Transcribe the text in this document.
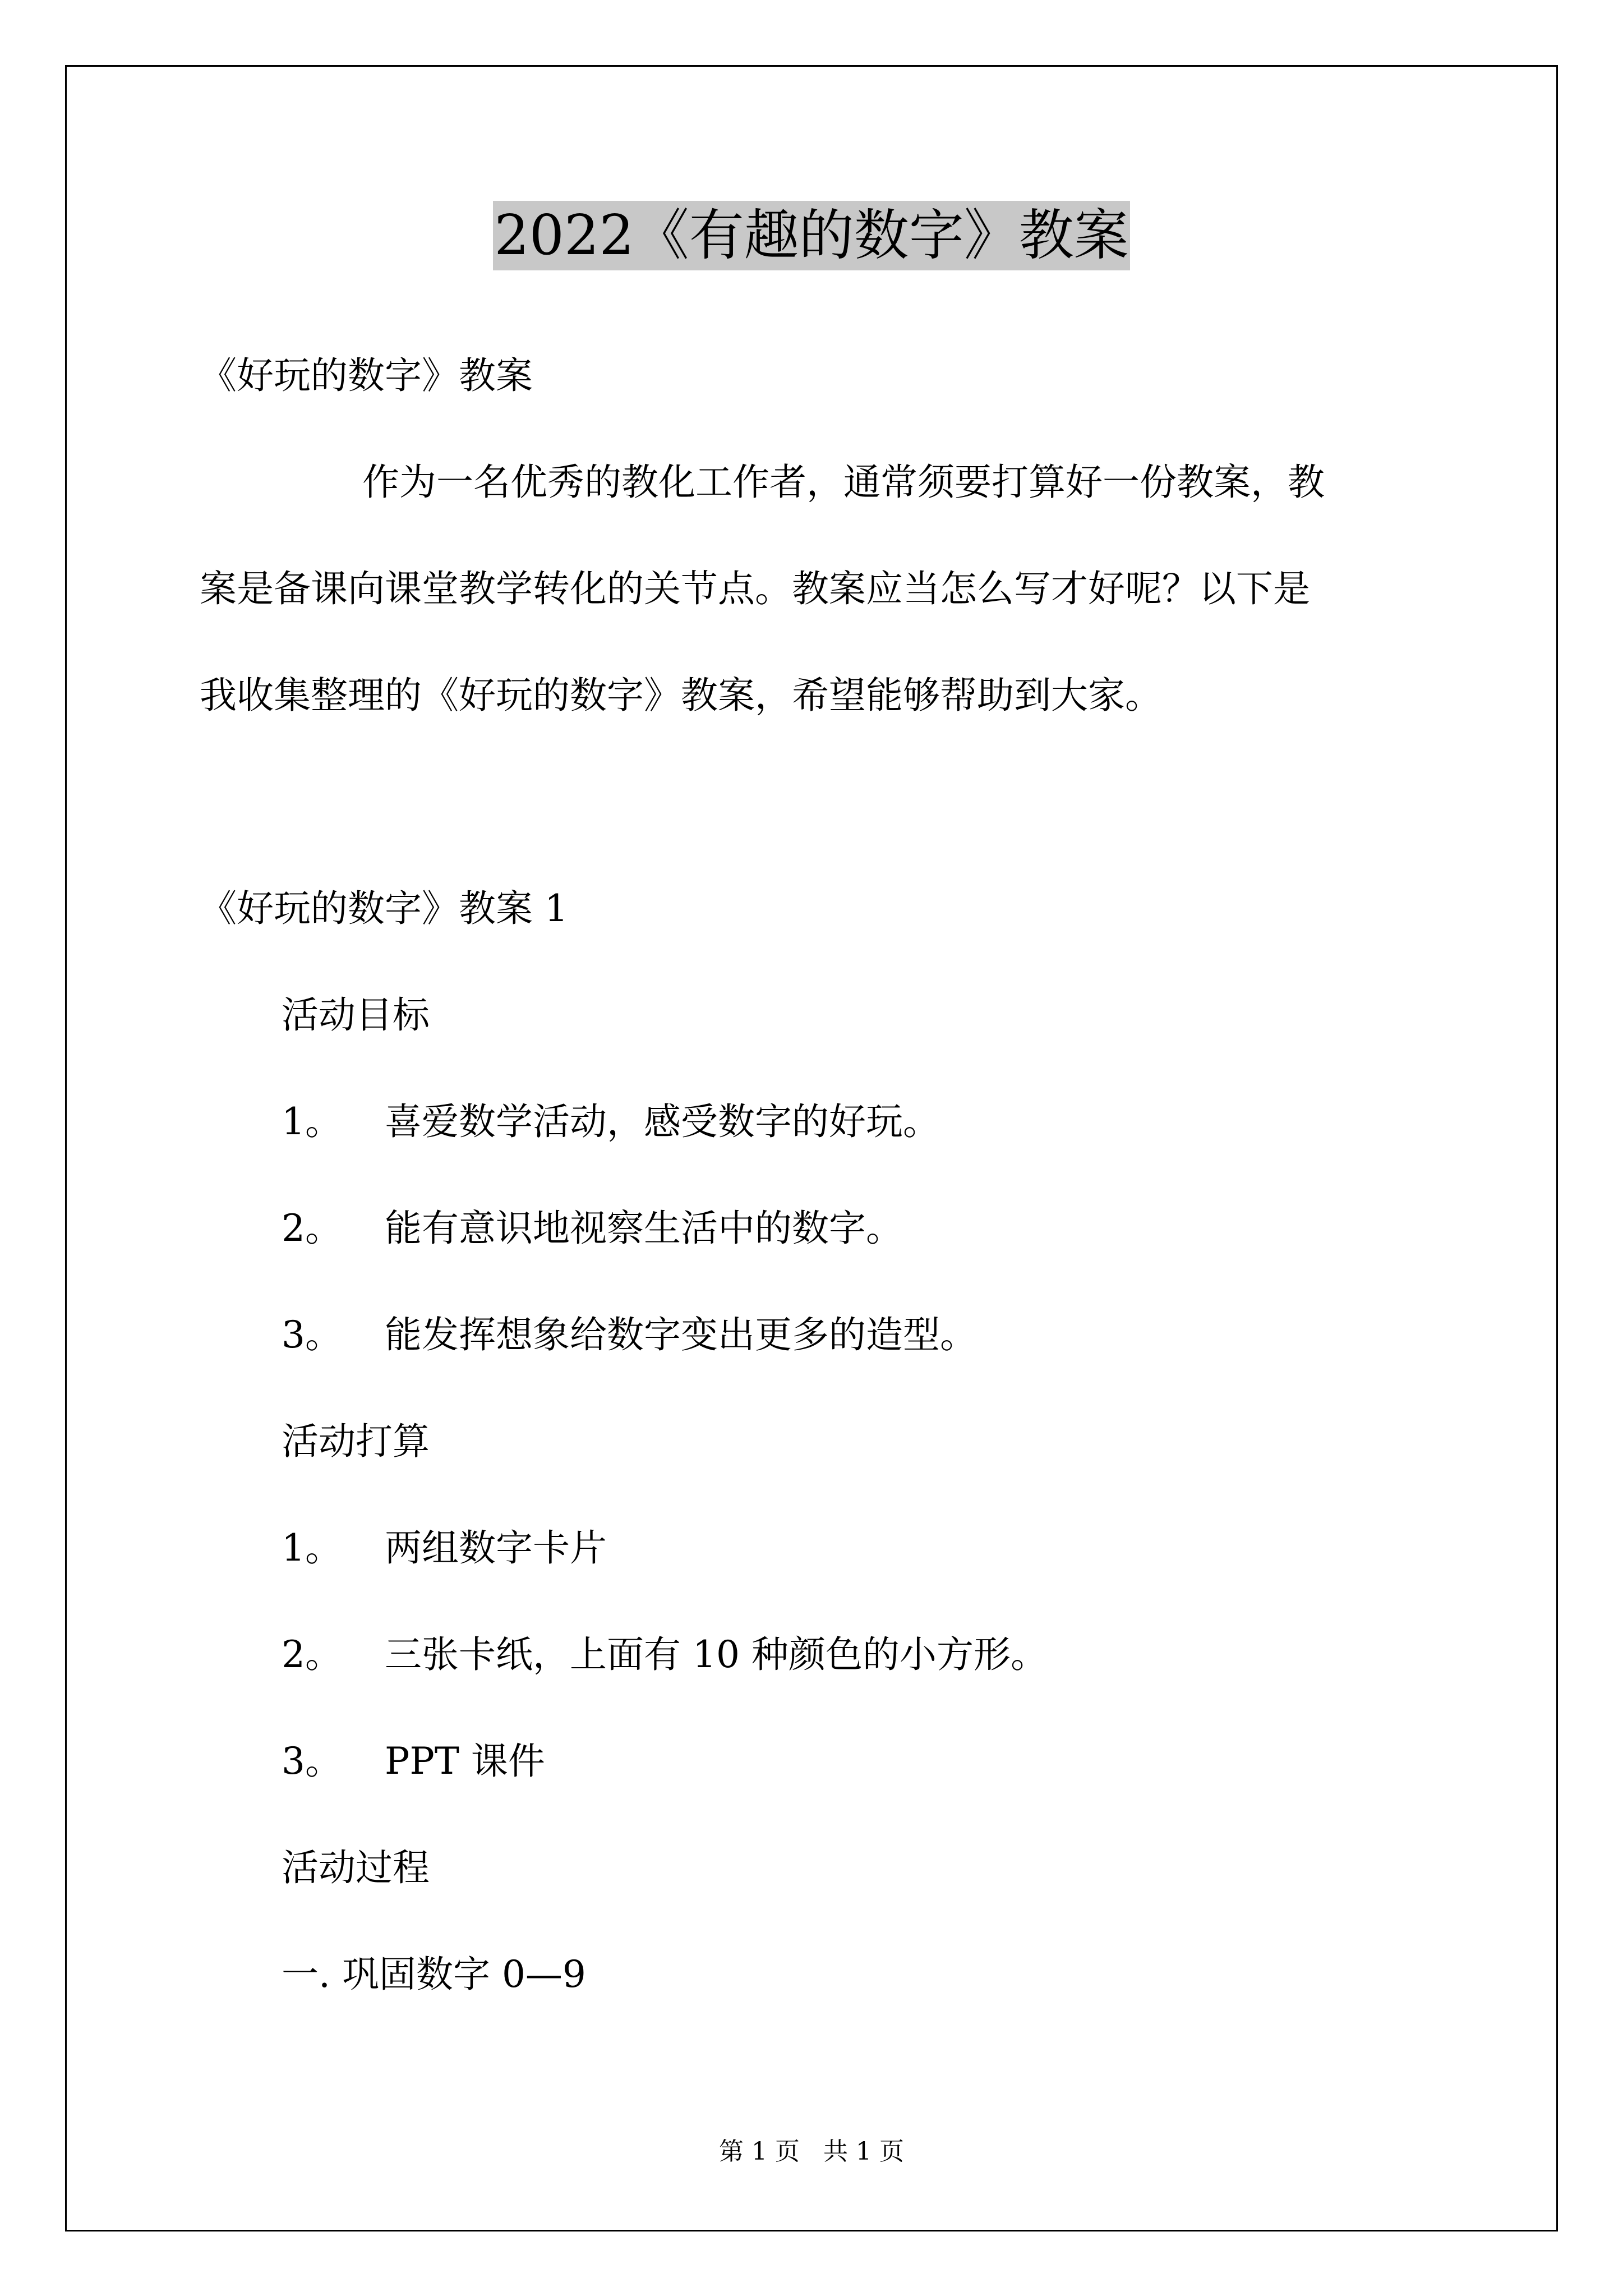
2022《有趣的数字》教案
《好玩的数字》教案
作为一名优秀的教化工作者，通常须要打算好一份教案，教
案是备课向课堂教学转化的关节点。教案应当怎么写才好呢？以下是
我收集整理的《好玩的数字》教案，希望能够帮助到大家。
《好玩的数字》教案 1
活动目标
1。 喜爱数学活动，感受数字的好玩。
2。 能有意识地视察生活中的数字。
3。 能发挥想象给数字变出更多的造型。
活动打算
1。 两组数字卡片
2。 三张卡纸，上面有 10 种颜色的小方形。
3。 PPT 课件
活动过程
一. 巩固数字 0—9
第 1 页 共 1 页
